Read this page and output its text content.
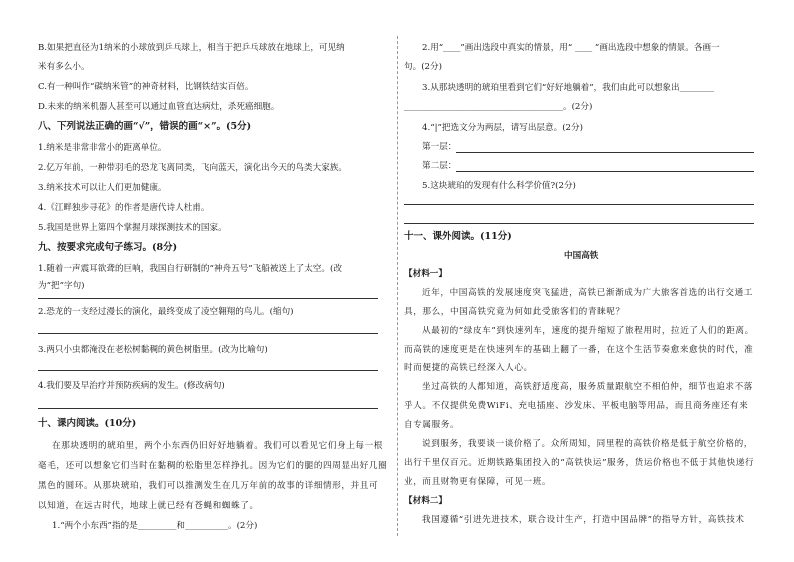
B.如果把直径为1纳米的小球放到乒乓球上，相当于把乒乓球放在地球上，可见纳
米有多么小。
C.有一种叫作“碳纳米管”的神奇材料，比钢铁结实百倍。
D.未来的纳米机器人甚至可以通过血管直达病灶，杀死癌细胞。
八、下列说法正确的画“√”，错误的画“×”。(5分)
1.纳米是非常非常小的距离单位。
2.亿万年前，一种带羽毛的恐龙飞离同类，飞向蓝天，演化出今天的鸟类大家族。
3.纳米技术可以让人们更加健康。
4.《江畔独步寻花》的作者是唐代诗人杜甫。
5.我国是世界上第四个掌握月球探测技术的国家。
九、按要求完成句子练习。(8分)
1.随着一声震耳欲聋的巨响，我国自行研制的“神舟五号”飞船被送上了太空。(改
为“把”字句)
2.恐龙的一支经过漫长的演化，最终变成了凌空翱翔的鸟儿。(缩句)
3.两只小虫都淹没在老松树黏稠的黄色树脂里。(改为比喻句)
4.我们要及早治疗并预防疾病的发生。(修改病句)
十、课内阅读。(10分)
在那块透明的琥珀里，两个小东西仍旧好好地躺着。我们可以看见它们身上每一根
毫毛，还可以想象它们当时在黏稠的松脂里怎样挣扎。因为它们的腿的四周显出好几圈
黑色的圆环。从那块琥珀，我们可以推测发生在几万年前的故事的详细情形，并且可
以知道，在远古时代，地球上就已经有苍蝇和蜘蛛了。
1.“两个小东西”指的是_________和__________。(2分)
2.用“____”画出选段中真实的情景，用“ ____ ”画出选段中想象的情景。各画一
句。(2分)
3.从那块透明的琥珀里看到它们“好好地躺着”，我们由此可以想象出________
_____________________________________。(2分)
4.“|”把选文分为两层，请写出层意。(2分)
第一层：
第二层：
5.这块琥珀的发现有什么科学价值?(2分)
十一、课外阅读。(11分)
中国高铁
【材料一】
近年，中国高铁的发展速度突飞猛进，高铁已渐渐成为广大旅客首选的出行交通工
具，那么，中国高铁究竟为何如此受旅客们的青睐呢？
从最初的“绿皮车”到快速列车，速度的提升缩短了旅程用时，拉近了人们的距离。
而高铁的速度更是在快速列车的基础上翻了一番，在这个生活节奏愈来愈快的时代，准
时而便捷的高铁已经深入人心。
坐过高铁的人都知道，高铁舒适度高，服务质量跟航空不相伯仲，细节也追求不落
乎人。不仅提供免费WiFi、充电插座、沙发床、平板电脑等用品，而且商务座还有来
自专属服务。
说到服务，我要谈一谈价格了。众所周知，同里程的高铁价格是低于航空价格的，
出行千里仅百元。近期铁路集团投入的“高铁快运”服务，货运价格也不低于其他快递行
业，而且财物更有保障，可见一班。
【材料二】
我国遵循“引进先进技术，联合设计生产，打造中国品牌”的指导方针，高铁技术
